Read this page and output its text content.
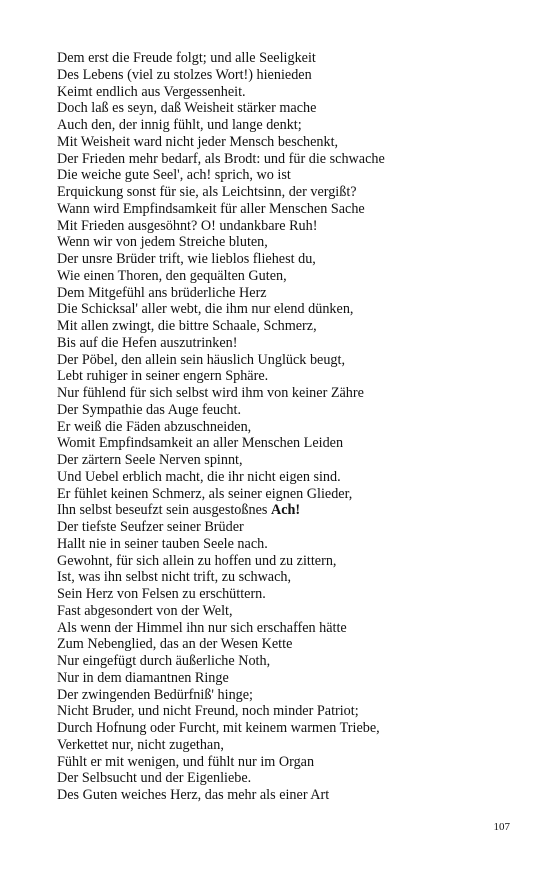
Dem erst die Freude folgt; und alle Seeligkeit
Des Lebens (viel zu stolzes Wort!) hienieden
Keimt endlich aus Vergessenheit.
Doch laß es seyn, daß Weisheit stärker mache
Auch den, der innig fühlt, und lange denkt;
Mit Weisheit ward nicht jeder Mensch beschenkt,
Der Frieden mehr bedarf, als Brodt: und für die schwache
Die weiche gute Seel', ach! sprich, wo ist
Erquickung sonst für sie, als Leichtsinn, der vergißt?
Wann wird Empfindsamkeit für aller Menschen Sache
Mit Frieden ausgesöhnt? O! undankbare Ruh!
Wenn wir von jedem Streiche bluten,
Der unsre Brüder trift, wie lieblos fliehest du,
Wie einen Thoren, den gequälten Guten,
Dem Mitgefühl ans brüderliche Herz
Die Schicksal' aller webt, die ihm nur elend dünken,
Mit allen zwingt, die bittre Schaale, Schmerz,
Bis auf die Hefen auszutrinken!
Der Pöbel, den allein sein häuslich Unglück beugt,
Lebt ruhiger in seiner engern Sphäre.
Nur fühlend für sich selbst wird ihm von keiner Zähre
Der Sympathie das Auge feucht.
Er weiß die Fäden abzuschneiden,
Womit Empfindsamkeit an aller Menschen Leiden
Der zärtern Seele Nerven spinnt,
Und Uebel erblich macht, die ihr nicht eigen sind.
Er fühlet keinen Schmerz, als seiner eignen Glieder,
Ihn selbst beseufzt sein ausgestoßnes Ach!
Der tiefste Seufzer seiner Brüder
Hallt nie in seiner tauben Seele nach.
Gewohnt, für sich allein zu hoffen und zu zittern,
Ist, was ihn selbst nicht trift, zu schwach,
Sein Herz von Felsen zu erschüttern.
Fast abgesondert von der Welt,
Als wenn der Himmel ihn nur sich erschaffen hätte
Zum Nebenglied, das an der Wesen Kette
Nur eingefügt durch äußerliche Noth,
Nur in dem diamantnen Ringe
Der zwingenden Bedürfniß' hinge;
Nicht Bruder, und nicht Freund, noch minder Patriot;
Durch Hofnung oder Furcht, mit keinem warmen Triebe,
Verkettet nur, nicht zugethan,
Fühlt er mit wenigen, und fühlt nur im Organ
Der Selbsucht und der Eigenliebe.
Des Guten weiches Herz, das mehr als einer Art
107
